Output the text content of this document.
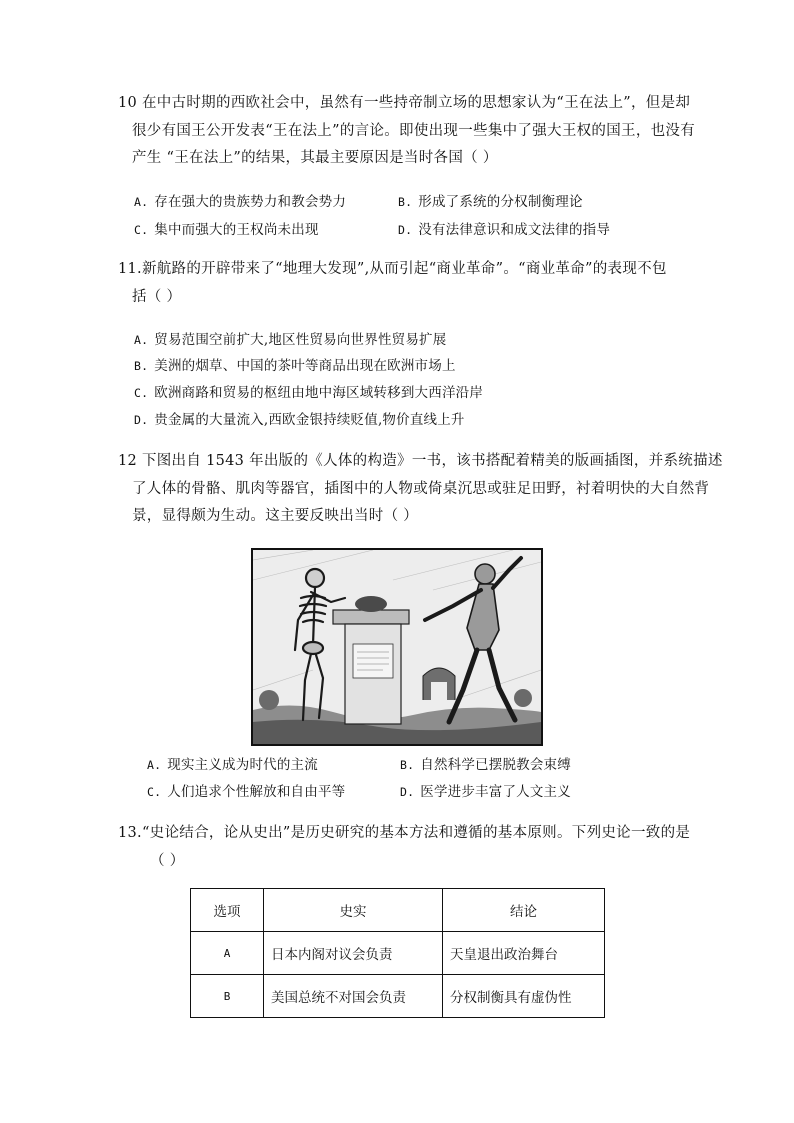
10 在中古时期的西欧社会中，虽然有一些持帝制立场的思想家认为“王在法上”，但是却
很少有国王公开发表“王在法上”的言论。即使出现一些集中了强大王权的国王，也没有
产生 “王在法上”的结果，其最主要原因是当时各国（ ）
A. 存在强大的贵族势力和教会势力	B. 形成了系统的分权制衡理论
C. 集中而强大的王权尚未出现	D. 没有法律意识和成文法律的指导
11.新航路的开辟带来了“地理大发现”,从而引起“商业革命”。“商业革命”的表现不包
括（ ）
A. 贸易范围空前扩大,地区性贸易向世界性贸易扩展
B. 美洲的烟草、中国的茶叶等商品出现在欧洲市场上
C. 欧洲商路和贸易的枢纽由地中海区域转移到大西洋沿岸
D. 贵金属的大量流入,西欧金银持续贬值,物价直线上升
12 下图出自 1543 年出版的《人体的构造》一书，该书搭配着精美的版画插图，并系统描述
了人体的骨骼、肌肉等器官，插图中的人物或倚桌沉思或驻足田野，衬着明快的大自然背
景，显得颇为生动。这主要反映出当时（ ）
A. 现实主义成为时代的主流	B. 自然科学已摆脱教会束缚
C. 人们追求个性解放和自由平等	D. 医学进步丰富了人文主义
13.“史论结合，论从史出”是历史研究的基本方法和遵循的基本原则。下列史论一致的是
（ ）
选项	史实	结论
A	日本内阁对议会负责	天皇退出政治舞台
B	美国总统不对国会负责	分权制衡具有虚伪性
